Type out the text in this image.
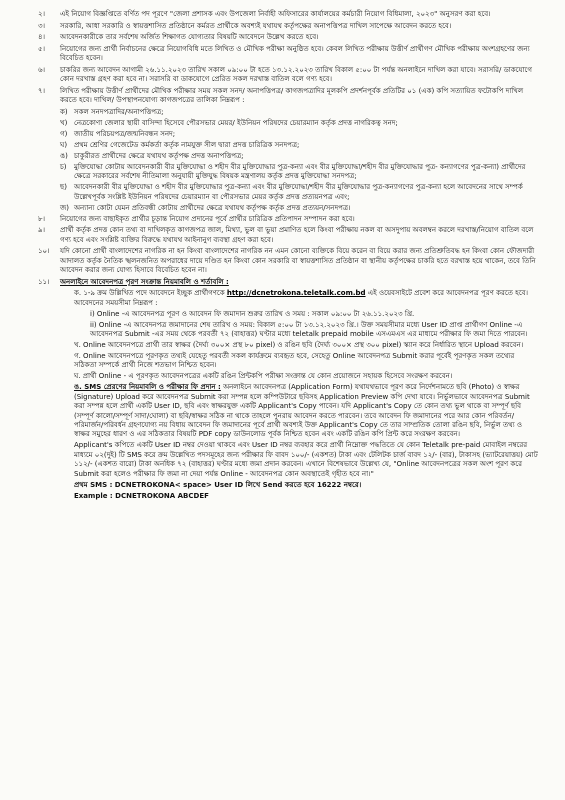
২।	এই নিয়োগ বিজ্ঞপ্তিতে বর্ণিত পদ পূরণে "জেলা প্রশাসক এবং উপজেলা নির্বাহী অফিসারের কার্যালয়ের কর্মচারী নিয়োগ বিধিমালা, ২০২৩" অনুসরণ করা হবে।
৩।	সরকারি, আধা সরকারি ও স্বায়ত্তশাসিত প্রতিষ্ঠানে কর্মরত প্রার্থীকে অবশ্যই যথাযথ কর্তৃপক্ষের অনাপত্তিপত্র দাখিল সাপেক্ষে আবেদন করতে হবে।
৪।	আবেদনকারীকে তার সর্বশেষ অর্জিত শিক্ষাগত যোগ্যতার বিষয়টি আবেদনে উল্লেখ করতে হবে।
৫।	নিয়োগের জন্য প্রার্থী নির্বাচনের ক্ষেত্রে নিয়োগবিধি মতে লিখিত ও মৌখিক পরীক্ষা অনুষ্ঠিত হবে। কেবল লিখিত পরীক্ষায় উত্তীর্ণ প্রার্থীগণ মৌখিক পরীক্ষায় অংশগ্রহণের জন্য বিবেচিত হবেন।
৬।	চাকরির জন্য আবেদন আগামী ২৬.১১.২০২৩ তারিখ সকাল ০৯:০০ টা হতে ১৩.১২.২০২৩ তারিখ বিকাল ৫:০০ টা পর্যন্ত অনলাইনে দাখিল করা যাবে। সরাসরি/ ডাকযোগে কোন দরখাস্ত গ্রহণ করা হবে না। সরাসরি বা ডাকযোগে প্রেরিত সকল দরখাস্ত বাতিল বলে গণ্য হবে।
৭।	লিখিত পরীক্ষায় উত্তীর্ণ প্রার্থীদের মৌখিক পরীক্ষার সময় সকল সনদ/ অনাপত্তিপত্র/ কাগজপত্রাদির মূলকপি প্রদর্শনপূর্বক প্রতিটির ০১ (এক) কপি সত্যায়িত ফটোকপি দাখিল করতে হবে। দাখিল/ উপস্থাপনযোগ্য কাগজপত্রের তালিকা নিম্নরূপ :
ক) সকল সনদপত্রাদির/অনাপত্তিপত্র;
খ) নেত্রকোণা জেলার স্থায়ী বাসিন্দা হিসেবে পৌরসভার মেয়র/ ইউনিয়ন পরিষদের চেয়ারম্যান কর্তৃক প্রদত্ত নাগরিকত্ব সনদ;
গ) জাতীয় পরিচয়পত্র/জন্মনিবন্ধন সনদ;
ঘ) প্রথম শ্রেণির গেজেটেড কর্মকর্তা কর্তৃক নামযুক্ত সীল দ্বারা প্রদত্ত চারিত্রিক সনদপত্র;
ঙ) চাকুরীরত প্রার্থীদের ক্ষেত্রে যথাযথ কর্তৃপক্ষ প্রদত্ত অনাপত্তিপত্র;
চ)	মুক্তিযোদ্ধা কোটায় আবেদনকারী বীর মুক্তিযোদ্ধা ও শহীদ বীর মুক্তিযোদ্ধার পুত্র-কন্যা এবং বীর মুক্তিযোদ্ধা/শহীদ বীর মুক্তিযোদ্ধার পুত্র- কন্যাগণের পুত্র-কন্যা) প্রার্থীদের ক্ষেত্রে সরকারের সর্বশেষ নীতিমালা অনুযায়ী মুক্তিযুদ্ধ বিষয়ক মন্ত্রণালয় কর্তৃক প্রদত্ত মুক্তিযোদ্ধা সনদপত্র;
ছ)	আবেদনকারী বীর মুক্তিযোদ্ধা ও শহীদ বীর মুক্তিযোদ্ধার পুত্র-কন্যা এবং বীর মুক্তিযোদ্ধা/শহীদ বীর মুক্তিযোদ্ধার পুত্র-কন্যাগণের পুত্র-কন্যা হলে আবেদনের সাথে সম্পর্ক উল্লেখপূর্বক সংশ্লিষ্ট ইউনিয়ন পরিষদের চেয়ারম্যান বা পৌরসভার মেয়র কর্তৃক প্রদত্ত প্রত্যয়নপত্র এবং;
জ) অন্যান্য কোটা যেমন প্রতিবন্ধী কোটায় প্রার্থীদের ক্ষেত্রে যথাযথ কর্তৃপক্ষ কর্তৃক প্রদত্ত প্রত্যয়ন/সনদপত্র।
৮।	নিয়োগের জন্য বাছাইকৃত প্রার্থীর চূড়ান্ত নিয়োগ প্রদানের পূর্বে প্রার্থীর চারিত্রিক প্রতিপাদন সম্পাদন করা হবে।
৯।	প্রার্থী কর্তৃক প্রদত্ত কোন তথ্য বা দাখিলকৃত কাগজপত্র জাল, মিথ্যা, ভুল বা ভুয়া প্রমাণিত হলে কিংবা পরীক্ষায় নকল বা অসদুপায় অবলম্বন করলে দরখাস্ত/নিয়োগ বাতিল বলে গণ্য হবে এবং সংশ্লিষ্ট ব্যক্তির বিরুদ্ধে যথাযথ আইনানুগ ব্যবস্থা গ্রহণ করা হবে।
১০।	যদি কোনো প্রার্থী বাংলাদেশের নাগরিক না হন কিংবা বাংলাদেশের নাগরিক নন এমন কোনো ব্যক্তিকে বিয়ে করেন বা বিয়ে করার জন্য প্রতিশ্রুতিবদ্ধ হন কিংবা কোন ফৌজদারী আদালত কর্তৃক নৈতিক স্খলনজনিত অপরাধের দায়ে দণ্ডিত হন কিংবা কোন সরকারি বা স্বায়ত্তশাসিত প্রতিষ্ঠান বা স্থানীয় কর্তৃপক্ষের চাকরি হতে বরখাস্ত হয়ে থাকেন, তবে তিনি আবেদন করার জন্য যোগ্য হিসাবে বিবেচিত হবেন না।
১১।	অনলাইনে আবেদনপত্র পূরণ সংক্রান্ত নিয়মাবলি ও শর্তাবলি :
ক. ১-৯ ক্রম উল্লিখিত পদে আবেদনে ইচ্ছুক প্রার্থীগণকে http://dcnetrokona.teletalk.com.bd এই ওয়েবসাইটে প্রবেশ করে আবেদনপত্র পূরণ করতে হবে। আবেদনের সময়সীমা নিম্নরূপ :
i) Online -এ আবেদনপত্র পূরণ ও আবেদন ফি জমাদান শুরুর তারিখ ও সময় : সকাল ০৯:০০ টা ২৬.১১.২০২৩ খ্রি.
ii) Online -এ আবেদনপত্র জমাদানের শেষ তারিখ ও সময়: বিকাল ৫:০০ টা ১৩.১২.২০২৩ খ্রি.। উক্ত সময়সীমার মধ্যে User ID প্রাপ্ত প্রার্থীগণ Online -এ আবেদনপত্র Submit -এর সময় থেকে পরবর্তী ৭২ (বাহাত্তর) ঘণ্টার মধ্যে teletalk prepaid mobile এসএমএস এর মাধ্যমে পরীক্ষার ফি জমা দিতে পারবেন।
খ. Online আবেদনপত্রে প্রার্থী তার স্বাক্ষর (দৈর্ঘ্য ৩০০× প্রস্থ ৮০ pixel) ও রঙিন ছবি (দৈর্ঘ্য ৩০০× প্রস্থ ৩০০ pixel) স্ক্যান করে নির্ধারিত স্থানে Upload করবেন।
গ. Online আবেদনপত্রে পূরণকৃত তথ্যই যেহেতু পরবর্তী সকল কার্যক্রমে ব্যবহৃত হবে, সেহেতু Online আবেদনপত্র Submit করার পূর্বেই পূরণকৃত সকল তথ্যের সঠিকতা সম্পর্কে প্রার্থী নিজে শতভাগ নিশ্চিত হবেন।
ঘ. প্রার্থী Online - এ পূরণকৃত আবেদনপত্রের একটি রঙিন প্রিন্টকপি পরীক্ষা সংক্রান্ত যে কোন প্রয়োজনে সহায়ক হিসেবে সংরক্ষণ করবেন।
ঙ. SMS প্রেরণের নিয়মাবলি ও পরীক্ষার ফি প্রদান : অনলাইনে আবেদনপত্র (Application Form) যথাযথভাবে পূরণ করে নির্দেশনামতে ছবি (Photo) ও স্বাক্ষর (Signature) Upload করে আবেদনপত্র Submit করা সম্পন্ন হলে কম্পিউটারে ছবিসহ Application Preview কপি দেখা যাবে। নির্ভুলভাবে আবেদনপত্র Submit করা সম্পন্ন হলে প্রার্থী একটি User ID, ছবি এবং স্বাক্ষরযুক্ত একটি Applicant's Copy পাবেন। যদি Applicant's Copy তে কোন তথ্য ভুল থাকে বা সম্পূর্ণ ছবি (সম্পূর্ণ কালো/সম্পূর্ণ সাদা/ঘোলা) বা ছবি/স্বাক্ষর সঠিক না থাকে তাহলে পুনরায় আবেদন করতে পারবেন। তবে আবেদন ফি জমাদানের পরে আর কোন পরিবর্তন/পরিমার্জন/পরিবর্ধন গ্রহণযোগ্য নয় বিধায় আবেদন ফি জমাদানের পূর্বে প্রার্থী অবশ্যই উক্ত Applicant's Copy তে তার সাম্প্রতিক তোলা রঙিন ছবি, নির্ভুল তথ্য ও স্বাক্ষর সমুহের ধারণ ও এর সঠিকতার বিষয়টি PDF copy ডাউনলোড পূর্বক নিশ্চিত হবেন এবং একটি রঙিন কপি প্রিন্ট করে সংরক্ষণ করবেন।
Applicant's কপিতে একটি User ID নম্বর দেওয়া থাকবে এবং User ID নম্বর ব্যবহার করে প্রার্থী নিম্নোক্ত পদ্ধতিতে যে কোন Teletalk pre-paid মোবাইল নম্বরের মাধ্যমে ০২(দুই) টি SMS করে ক্রম উল্লেখিত পদসমূহের জন্য পরীক্ষার ফি বাবদ ১০০/- (একশত) টাকা এবং টেলিটক চার্জ বাবদ ১২/- (বার), টাকাসহ (ভ্যাটরেয়াত্তয়) মোট ১১২/- (একশত বারো) টাকা অনধিক ৭২ (বাহাত্তর) ঘণ্টার মধ্যে জমা প্রদান করবেন। এখানে বিশেষভাবে উল্লেখ্য যে, "Online আবেদনপত্রের সকল অংশ পূরণ করে Submit করা হলেও পরীক্ষার ফি জমা না দেয়া পর্যন্ত Online - আবেদনপত্র কোন অবস্থাতেই গৃহীত হবে না।"
প্রথম SMS : DCNETROKONA< space> User ID লিখে Send করতে হবে 16222 নম্বরে।
Example : DCNETROKONA ABCDEF
